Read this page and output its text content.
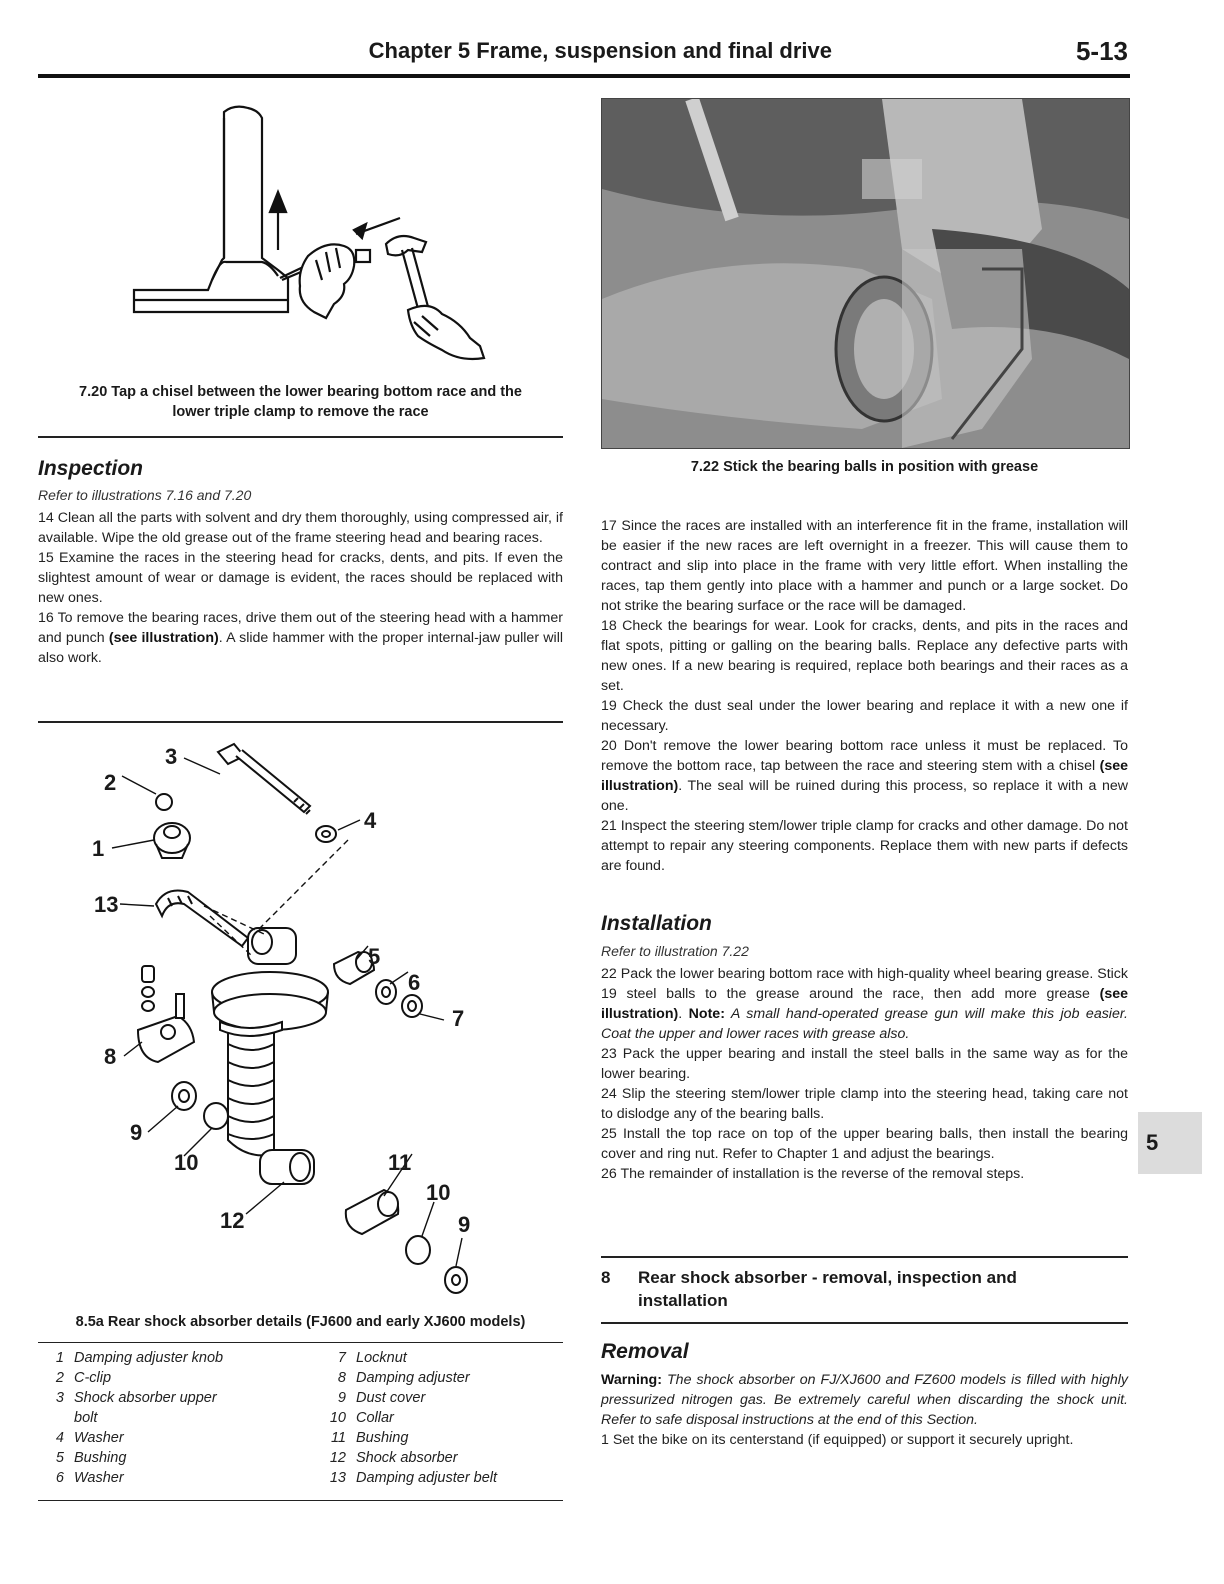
Chapter 5 Frame, suspension and final drive	5-13
7.20 Tap a chisel between the lower bearing bottom race and the
lower triple clamp to remove the race
Inspection
Refer to illustrations 7.16 and 7.20

14 Clean all the parts with solvent and dry them thoroughly, using compressed air, if available. Wipe the old grease out of the frame steering head and bearing races.

15 Examine the races in the steering head for cracks, dents, and pits. If even the slightest amount of wear or damage is evident, the races should be replaced with new ones.

16 To remove the bearing races, drive them out of the steering head with a hammer and punch (see illustration). A slide hammer with the proper internal-jaw puller will also work.

3
2
1
4
13
5
6
7
8
9
10	11
10
9
12
8.5a Rear shock absorber details (FJ600 and early XJ600 models)
1 Damping adjuster knob
2 C-clip
3 Shock absorber upper
bolt
4 Washer
5 Bushing
6 Washer
7 Locknut
8 Damping adjuster
9 Dust cover
10 Collar
11 Bushing
12 Shock absorber
13 Damping adjuster belt
7.22 Stick the bearing balls in position with grease

17 Since the races are installed with an interference fit in the frame, installation will be easier if the new races are left overnight in a freezer. This will cause them to contract and slip into place in the frame with very little effort. When installing the races, tap them gently into place with a hammer and punch or a large socket. Do not strike the bearing surface or the race will be damaged.

18 Check the bearings for wear. Look for cracks, dents, and pits in the races and flat spots, pitting or galling on the bearing balls. Replace any defective parts with new ones. If a new bearing is required, replace both bearings and their races as a set.

19 Check the dust seal under the lower bearing and replace it with a new one if necessary.

20 Don't remove the lower bearing bottom race unless it must be replaced. To remove the bottom race, tap between the race and steering stem with a chisel (see illustration). The seal will be ruined during this process, so replace it with a new one.

21 Inspect the steering stem/lower triple clamp for cracks and other damage. Do not attempt to repair any steering components. Replace them with new parts if defects are found.

Installation
Refer to illustration 7.22

22 Pack the lower bearing bottom race with high-quality wheel bearing grease. Stick 19 steel balls to the grease around the race, then add more grease (see illustration). Note: A small hand-operated grease gun will make this job easier. Coat the upper and lower races with grease also.

23 Pack the upper bearing and install the steel balls in the same way as for the lower bearing.

24 Slip the steering stem/lower triple clamp into the steering head, taking care not to dislodge any of the bearing balls.

25 Install the top race on top of the upper bearing balls, then install the bearing cover and ring nut. Refer to Chapter 1 and adjust the bearings.

26 The remainder of installation is the reverse of the removal steps.

8 Rear shock absorber - removal, inspection and
installation
Removal

Warning: The shock absorber on FJ/XJ600 and FZ600 models is filled with highly pressurized nitrogen gas. Be extremely careful when discarding the shock unit. Refer to safe disposal instructions at the end of this Section.

1 Set the bike on its centerstand (if equipped) or support it securely upright.

5
